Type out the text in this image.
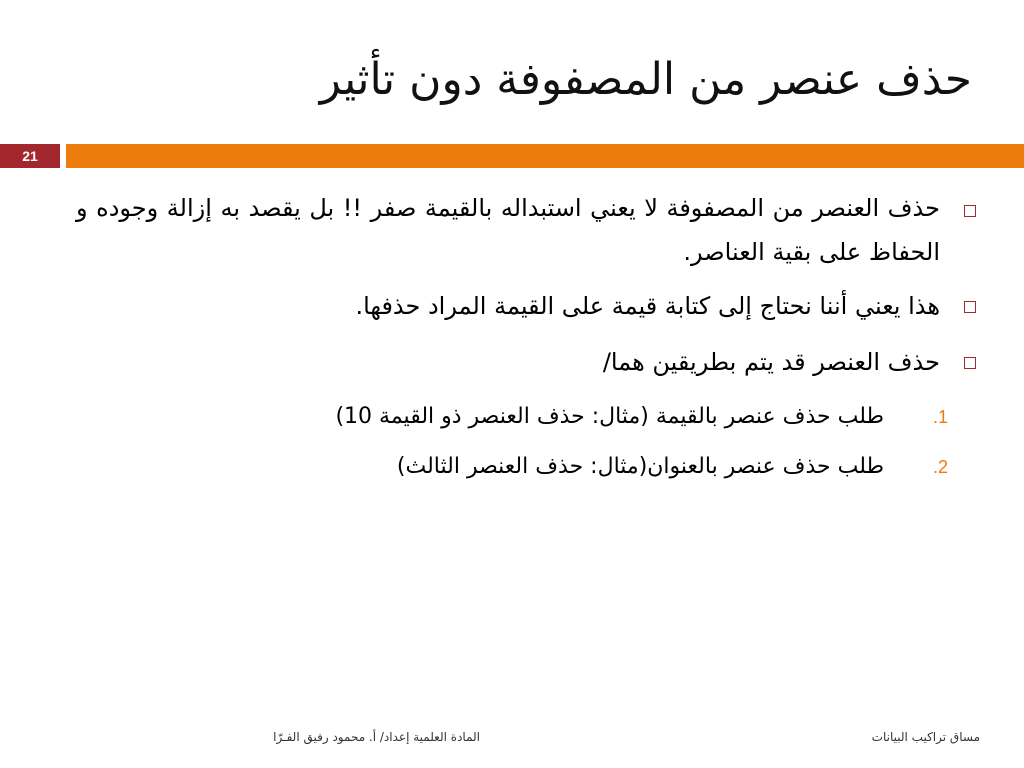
حذف عنصر من المصفوفة دون تأثير
21
حذف العنصر من المصفوفة لا يعني استبداله بالقيمة صفر !! بل يقصد به إزالة وجوده و الحفاظ على بقية العناصر.
هذا يعني أننا نحتاج إلى كتابة قيمة على القيمة المراد حذفها.
حذف العنصر قد يتم بطريقين هما/
1.
طلب حذف عنصر بالقيمة (مثال: حذف العنصر ذو القيمة 10)
2.
طلب حذف عنصر بالعنوان(مثال: حذف العنصر الثالث)
المادة العلمية إعداد/ أ. محمود رفيق الفـرّا	مساق تراكيب البيانات
